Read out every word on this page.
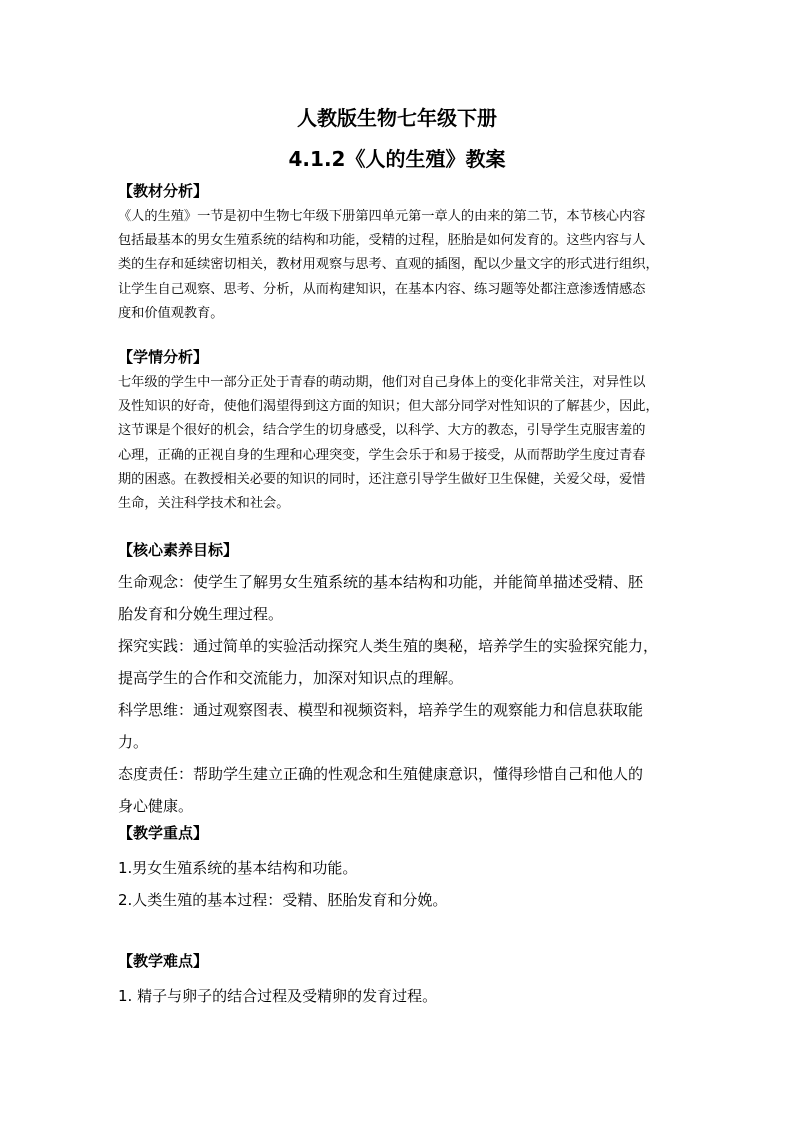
人教版生物七年级下册
4.1.2《人的生殖》教案
【教材分析】
《人的生殖》一节是初中生物七年级下册第四单元第一章人的由来的第二节，本节核心内容
包括最基本的男女生殖系统的结构和功能，受精的过程，胚胎是如何发育的。这些内容与人
类的生存和延续密切相关，教材用观察与思考、直观的插图，配以少量文字的形式进行组织，
让学生自己观察、思考、分析，从而构建知识，在基本内容、练习题等处都注意渗透情感态
度和价值观教育。
【学情分析】
七年级的学生中一部分正处于青春的萌动期，他们对自己身体上的变化非常关注，对异性以
及性知识的好奇，使他们渴望得到这方面的知识；但大部分同学对性知识的了解甚少，因此，
这节课是个很好的机会，结合学生的切身感受，以科学、大方的教态，引导学生克服害羞的
心理，正确的正视自身的生理和心理突变，学生会乐于和易于接受，从而帮助学生度过青春
期的困惑。在教授相关必要的知识的同时，还注意引导学生做好卫生保健，关爱父母，爱惜
生命，关注科学技术和社会。
【核心素养目标】
生命观念：使学生了解男女生殖系统的基本结构和功能，并能简单描述受精、胚
胎发育和分娩生理过程。
探究实践：通过简单的实验活动探究人类生殖的奥秘，培养学生的实验探究能力，
提高学生的合作和交流能力，加深对知识点的理解。
科学思维：通过观察图表、模型和视频资料，培养学生的观察能力和信息获取能
力。
态度责任：帮助学生建立正确的性观念和生殖健康意识，懂得珍惜自己和他人的
身心健康。
【教学重点】
1.男女生殖系统的基本结构和功能。
2.人类生殖的基本过程：受精、胚胎发育和分娩。
【教学难点】
1. 精子与卵子的结合过程及受精卵的发育过程。
